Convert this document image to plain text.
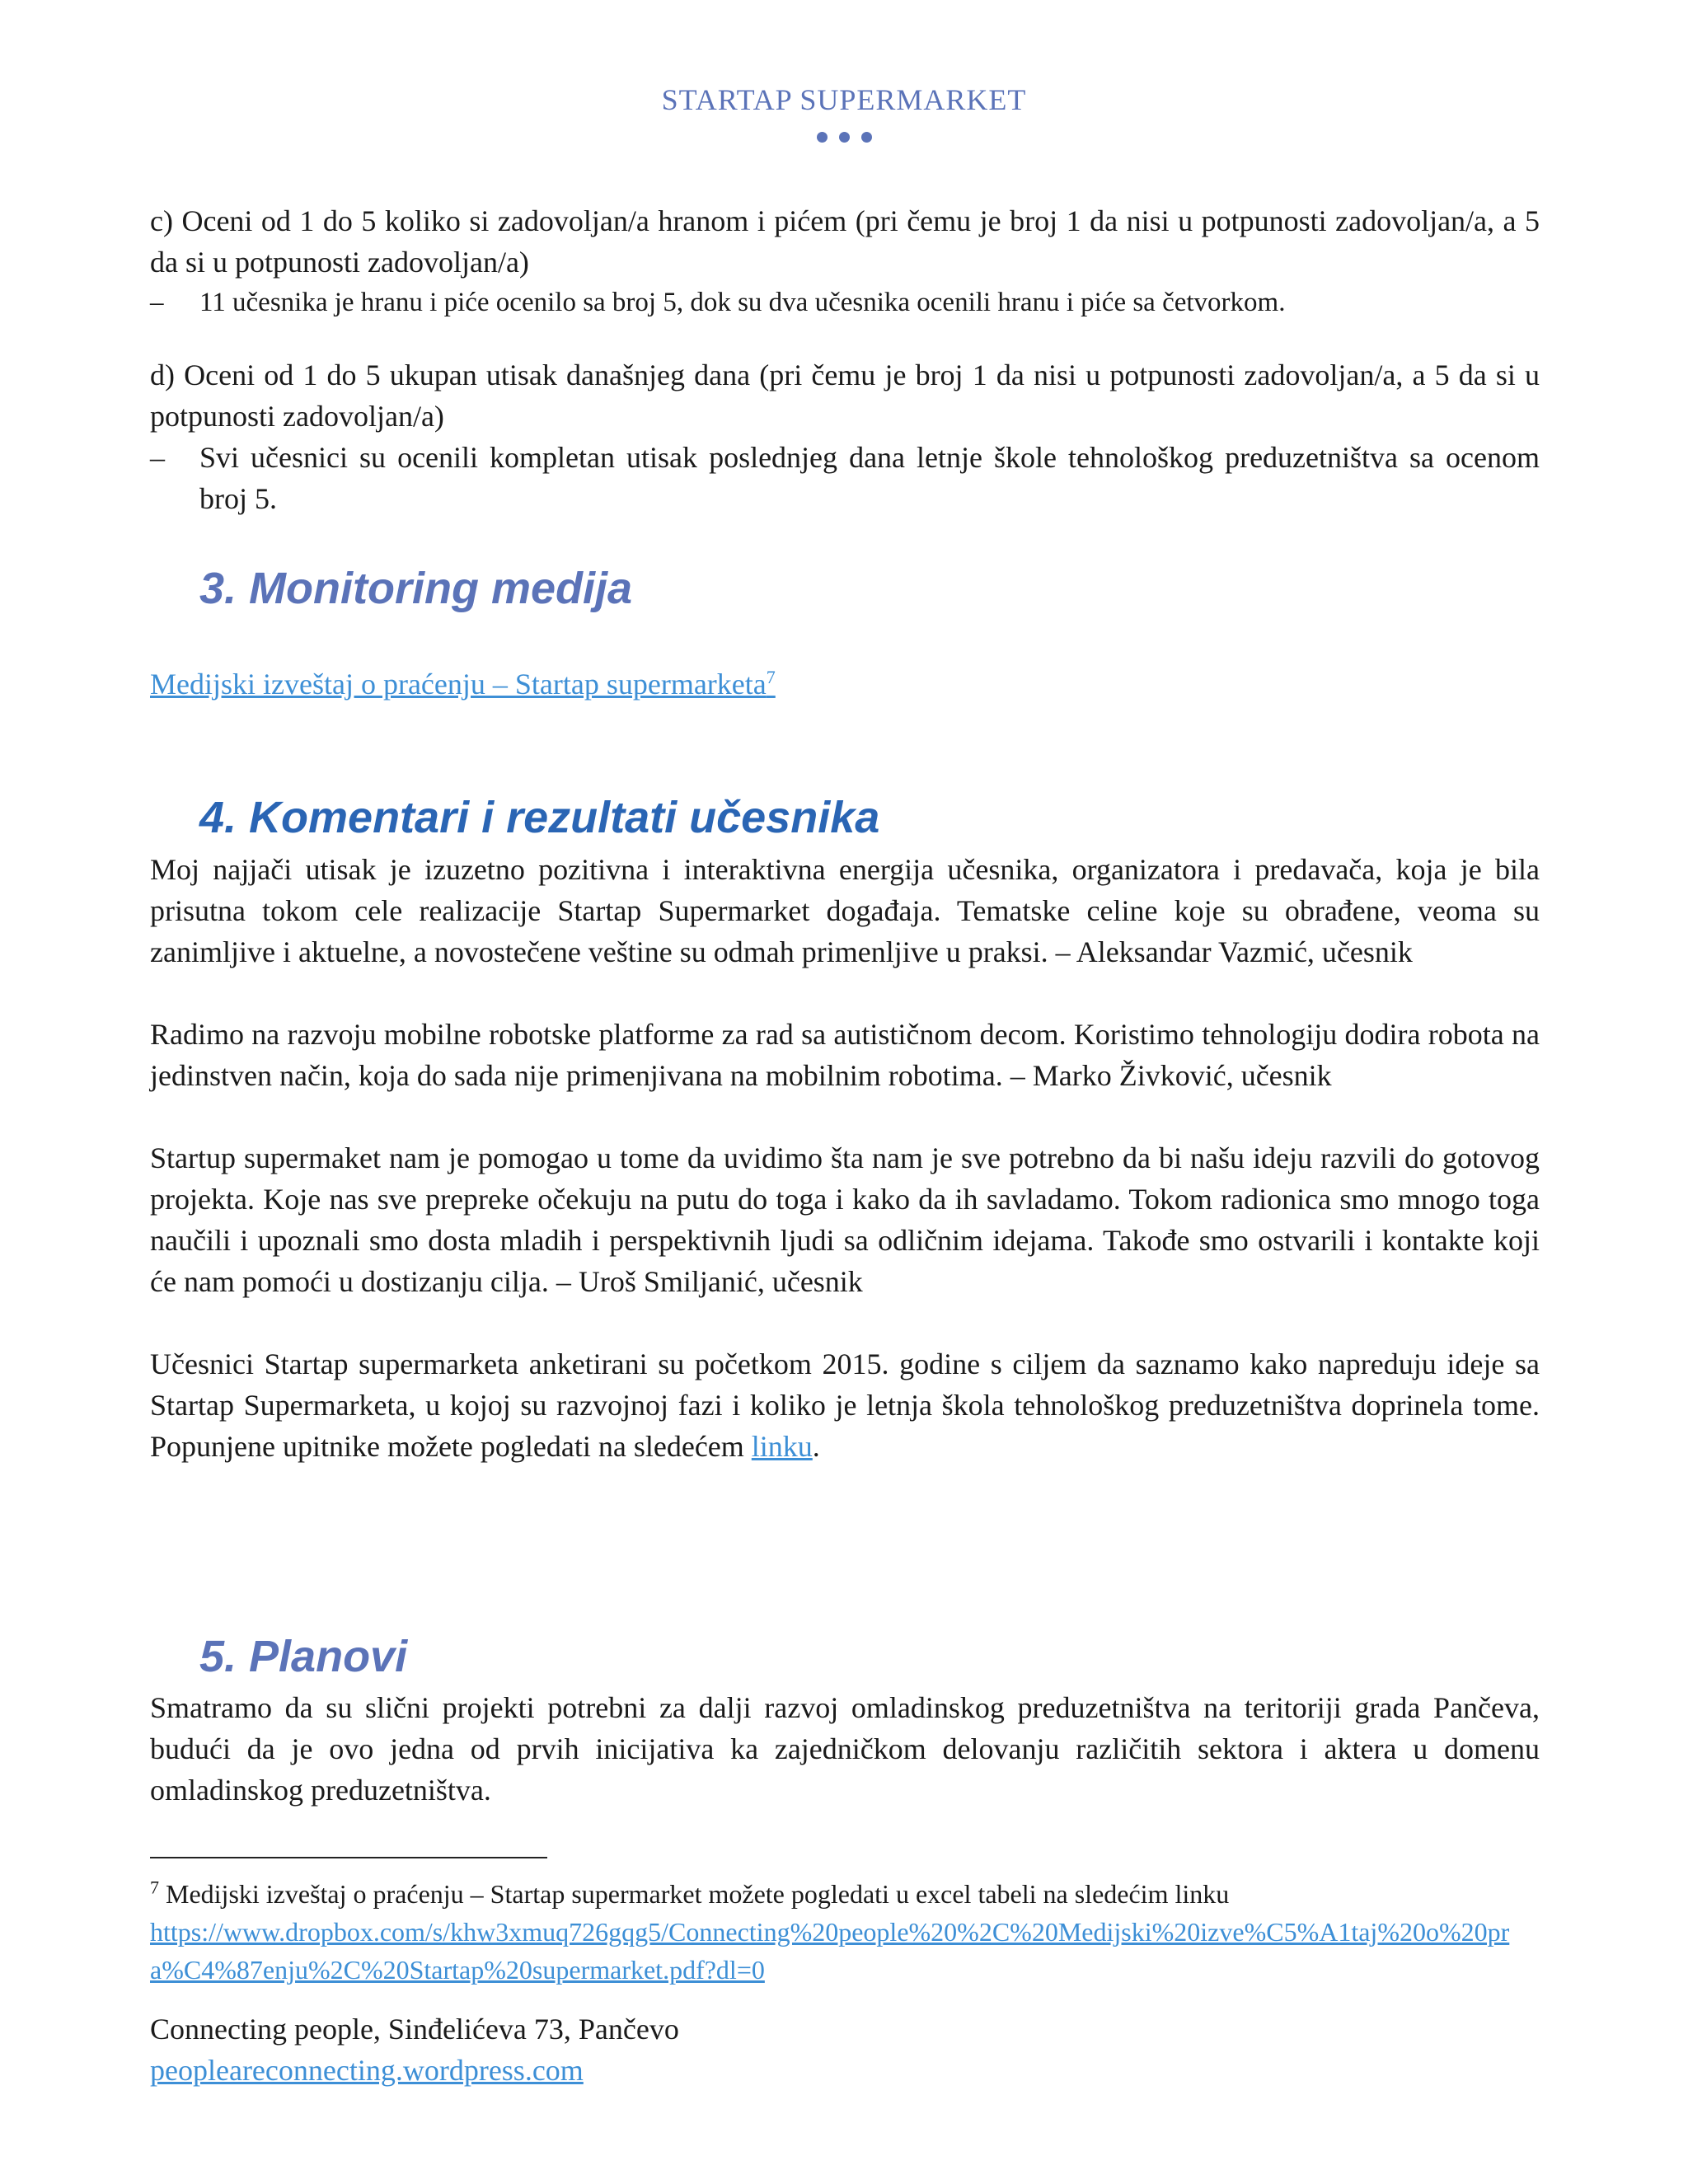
STARTAP SUPERMARKET

c) Oceni od 1 do 5 koliko si zadovoljan/a hranom i pićem (pri čemu je broj 1 da nisi u potpunosti zadovoljan/a, a 5 da si u potpunosti zadovoljan/a)

– 11 učesnika je hranu i piće ocenilo sa broj 5, dok su dva učesnika ocenili hranu i piće sa četvorkom.

d) Oceni od 1 do 5 ukupan utisak današnjeg dana (pri čemu je broj 1 da nisi u potpunosti zadovoljan/a, a 5 da si u potpunosti zadovoljan/a)

– Svi učesnici su ocenili kompletan utisak poslednjeg dana letnje škole tehnološkog preduzetništva sa ocenom broj 5.
3. Monitoring medija
Medijski izveštaj o praćenju – Startap supermarketa$^7$
4. Komentari i rezultati učesnika

Moj najjači utisak je izuzetno pozitivna i interaktivna energija učesnika, organizatora i predavača, koja je bila prisutna tokom cele realizacije Startap Supermarket događaja. Tematske celine koje su obrađene, veoma su zanimljive i aktuelne, a novostečene veštine su odmah primenljive u praksi. – Aleksandar Vazmić, učesnik

Radimo na razvoju mobilne robotske platforme za rad sa autističnom decom. Koristimo tehnologiju dodira robota na jedinstven način, koja do sada nije primenjivana na mobilnim robotima. – Marko Živković, učesnik

Startup supermaket nam je pomogao u tome da uvidimo šta nam je sve potrebno da bi našu ideju razvili do gotovog projekta. Koje nas sve prepreke očekuju na putu do toga i kako da ih savladamo. Tokom radionica smo mnogo toga naučili i upoznali smo dosta mladih i perspektivnih ljudi sa odličnim idejama. Takođe smo ostvarili i kontakte koji će nam pomoći u dostizanju cilja. – Uroš Smiljanić, učesnik

Učesnici Startap supermarketa anketirani su početkom 2015. godine s ciljem da saznamo kako napreduju ideje sa Startap Supermarketa, u kojoj su razvojnoj fazi i koliko je letnja škola tehnološkog preduzetništva doprinela tome. Popunjene upitnike možete pogledati na sledećem linku.

5. Planovi

Smatramo da su slični projekti potrebni za dalji razvoj omladinskog preduzetništva na teritoriji grada Pančeva, budući da je ovo jedna od prvih inicijativa ka zajedničkom delovanju različitih sektora i aktera u domenu omladinskog preduzetništva.

$^7$ Medijski izveštaj o praćenju – Startap supermarket možete pogledati u excel tabeli na sledećim linku
https://www.dropbox.com/s/khw3xmuq726gqg5/Connecting%20people%20%2C%20Medijski%20izve%C5%A1taj%20o%20pra%C4%87enju%2C%20Startap%20supermarket.pdf?dl=0
Connecting people, Sinđelićeva 73, Pančevo
peopleareconnecting.wordpress.com
